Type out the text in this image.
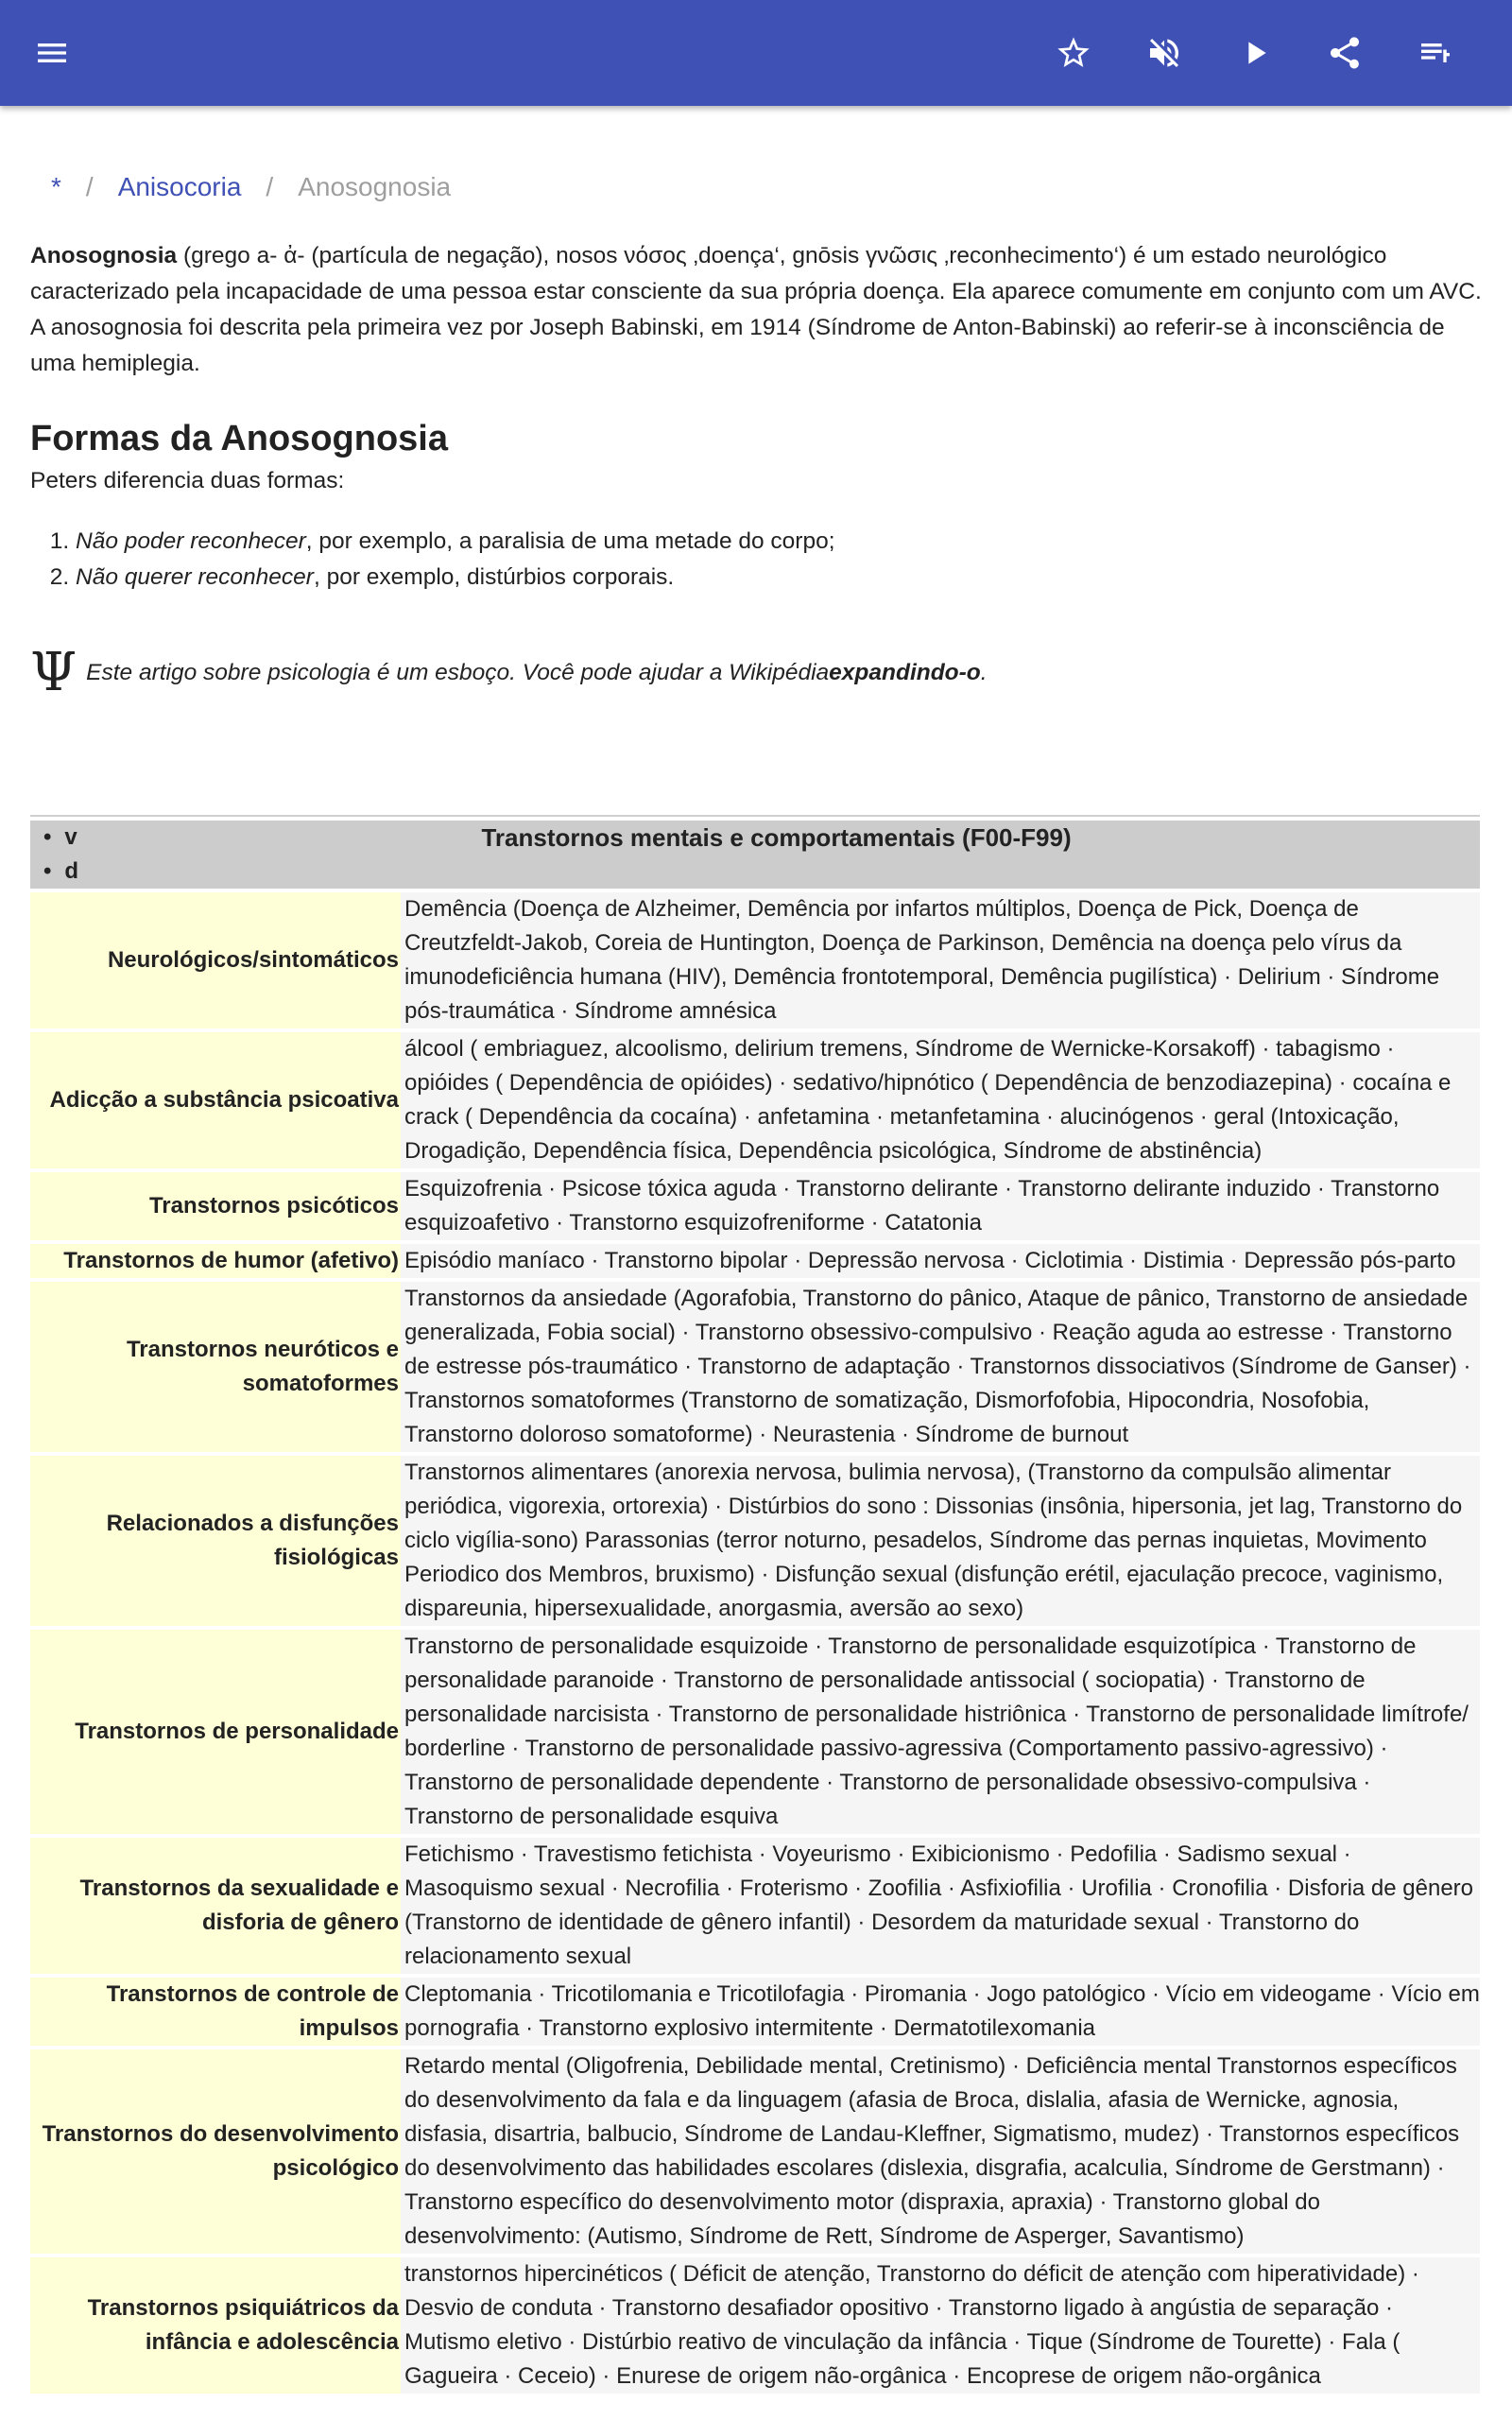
* / Anisocoria / Anosognosia

Anosognosia (grego a- ἀ- (partícula de negação), nosos νόσος ‚doença‘, gnōsis γνῶσις ‚reconhecimento‘) é um estado neurológico caracterizado pela incapacidade de uma pessoa estar consciente da sua própria doença. Ela aparece comumente em conjunto com um AVC. A anosognosia foi descrita pela primeira vez por Joseph Babinski, em 1914 (Síndrome de Anton-Babinski) ao referir-se à inconsciência de uma hemiplegia.

Formas da Anosognosia

Peters diferencia duas formas:

1. Não poder reconhecer, por exemplo, a paralisia de uma metade do corpo;
2. Não querer reconhecer, por exemplo, distúrbios corporais.
Ψ Este artigo sobre psicologia é um esboço. Você pode ajudar a Wikipédia expandindo-o .
• v
• d
Transtornos mentais e comportamentais (F00-F99)
Neurológicos/sintomáticos	Demência (Doença de Alzheimer, Demência por infartos múltiplos, Doença de Pick, Doença de Creutzfeldt-Jakob, Coreia de Huntington, Doença de Parkinson, Demência na doença pelo vírus da imunodeficiência humana (HIV), Demência frontotemporal, Demência pugilística) · Delirium · Síndrome pós-traumática · Síndrome amnésica
Adicção a substância psicoativa	álcool ( embriaguez, alcoolismo, delirium tremens, Síndrome de Wernicke-Korsakoff) · tabagismo · opióides ( Dependência de opióides) · sedativo/hipnótico ( Dependência de benzodiazepina) · cocaína e crack ( Dependência da cocaína) · anfetamina · metanfetamina · alucinógenos · geral (Intoxicação, Drogadição, Dependência física, Dependência psicológica, Síndrome de abstinência)
Transtornos psicóticos	Esquizofrenia · Psicose tóxica aguda · Transtorno delirante · Transtorno delirante induzido · Transtorno esquizoafetivo · Transtorno esquizofreniforme · Catatonia
Transtornos de humor (afetivo)	Episódio maníaco · Transtorno bipolar · Depressão nervosa · Ciclotimia · Distimia · Depressão pós-parto
Transtornos neuróticos e somatoformes	Transtornos da ansiedade (Agorafobia, Transtorno do pânico, Ataque de pânico, Transtorno de ansiedade generalizada, Fobia social) · Transtorno obsessivo-compulsivo · Reação aguda ao estresse · Transtorno de estresse pós-traumático · Transtorno de adaptação · Transtornos dissociativos (Síndrome de Ganser) · Transtornos somatoformes (Transtorno de somatização, Dismorfofobia, Hipocondria, Nosofobia, Transtorno doloroso somatoforme) · Neurastenia · Síndrome de burnout
Relacionados a disfunções fisiológicas	Transtornos alimentares (anorexia nervosa, bulimia nervosa), (Transtorno da compulsão alimentar periódica, vigorexia, ortorexia) · Distúrbios do sono : Dissonias (insônia, hipersonia, jet lag, Transtorno do ciclo vigília-sono) Parassonias (terror noturno, pesadelos, Síndrome das pernas inquietas, Movimento Periodico dos Membros, bruxismo) · Disfunção sexual (disfunção erétil, ejaculação precoce, vaginismo, dispareunia, hipersexualidade, anorgasmia, aversão ao sexo)
Transtornos de personalidade	Transtorno de personalidade esquizoide · Transtorno de personalidade esquizotípica · Transtorno de personalidade paranoide · Transtorno de personalidade antissocial ( sociopatia) · Transtorno de personalidade narcisista · Transtorno de personalidade histriônica · Transtorno de personalidade limítrofe/ borderline · Transtorno de personalidade passivo-agressiva (Comportamento passivo-agressivo) · Transtorno de personalidade dependente · Transtorno de personalidade obsessivo-compulsiva · Transtorno de personalidade esquiva
Transtornos da sexualidade e disforia de gênero	Fetichismo · Travestismo fetichista · Voyeurismo · Exibicionismo · Pedofilia · Sadismo sexual · Masoquismo sexual · Necrofilia · Froterismo · Zoofilia · Asfixiofilia · Urofilia · Cronofilia · Disforia de gênero (Transtorno de identidade de gênero infantil) · Desordem da maturidade sexual · Transtorno do relacionamento sexual
Transtornos de controle de impulsos	Cleptomania · Tricotilomania e Tricotilofagia · Piromania · Jogo patológico · Vício em videogame · Vício em pornografia · Transtorno explosivo intermitente · Dermatotilexomania
Transtornos do desenvolvimento psicológico	Retardo mental (Oligofrenia, Debilidade mental, Cretinismo) · Deficiência mental Transtornos específicos do desenvolvimento da fala e da linguagem (afasia de Broca, dislalia, afasia de Wernicke, agnosia, disfasia, disartria, balbucio, Síndrome de Landau-Kleffner, Sigmatismo, mudez) · Transtornos específicos do desenvolvimento das habilidades escolares (dislexia, disgrafia, acalculia, Síndrome de Gerstmann) · Transtorno específico do desenvolvimento motor (dispraxia, apraxia) · Transtorno global do desenvolvimento: (Autismo, Síndrome de Rett, Síndrome de Asperger, Savantismo)
Transtornos psiquiátricos da infância e adolescência	transtornos hipercinéticos ( Déficit de atenção, Transtorno do déficit de atenção com hiperatividade) · Desvio de conduta · Transtorno desafiador opositivo · Transtorno ligado à angústia de separação · Mutismo eletivo · Distúrbio reativo de vinculação da infância · Tique (Síndrome de Tourette) · Fala ( Gagueira · Ceceio) · Enurese de origem não-orgânica · Encoprese de origem não-orgânica
